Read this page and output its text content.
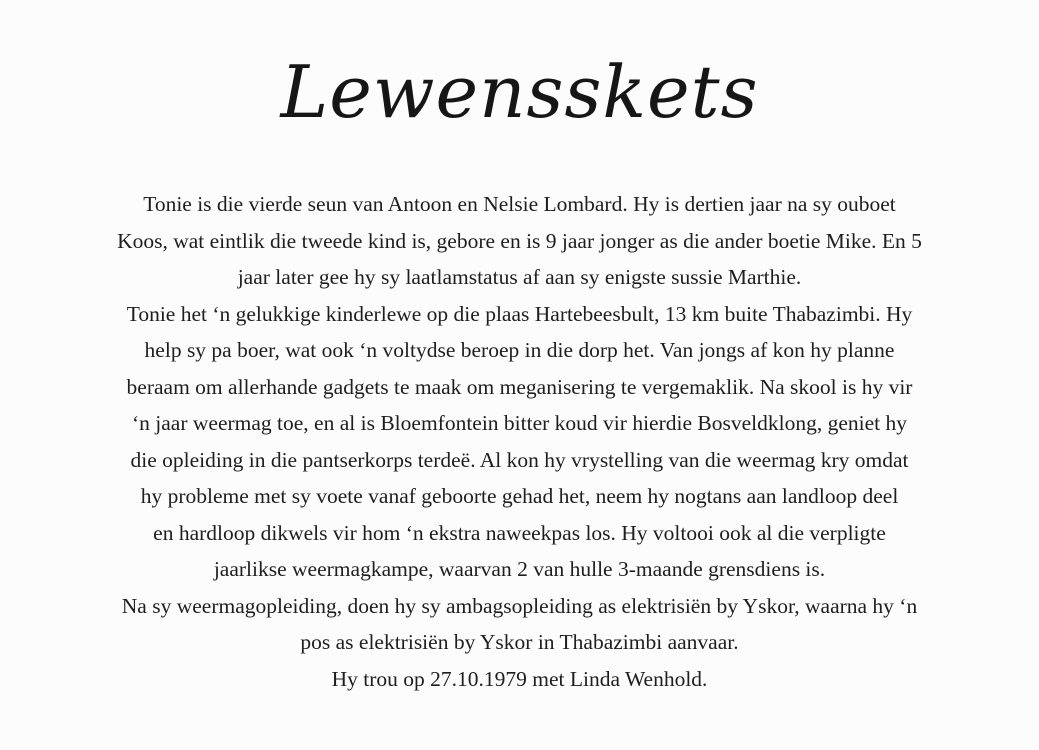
Lewensskets
Tonie is die vierde seun van Antoon en Nelsie Lombard. Hy is dertien jaar na sy ouboet
Koos, wat eintlik die tweede kind is, gebore en is 9 jaar jonger as die ander boetie Mike. En 5
jaar later gee hy sy laatlamstatus af aan sy enigste sussie Marthie.
Tonie het ‘n gelukkige kinderlewe op die plaas Hartebeesbult, 13 km buite Thabazimbi. Hy
help sy pa boer, wat ook ‘n voltydse beroep in die dorp het. Van jongs af kon hy planne
beraam om allerhande gadgets te maak om meganisering te vergemaklik. Na skool is hy vir
‘n jaar weermag toe, en al is Bloemfontein bitter koud vir hierdie Bosveldklong, geniet hy
die opleiding in die pantserkorps terdeë. Al kon hy vrystelling van die weermag kry omdat
hy probleme met sy voete vanaf geboorte gehad het, neem hy nogtans aan landloop deel
en hardloop dikwels vir hom ‘n ekstra naweekpas los. Hy voltooi ook al die verpligte
jaarlikse weermagkampe, waarvan 2 van hulle 3-maande grensdiens is.
Na sy weermagopleiding, doen hy sy ambagsopleiding as elektrisiën by Yskor, waarna hy ‘n
pos as elektrisiën by Yskor in Thabazimbi aanvaar.
Hy trou op 27.10.1979 met Linda Wenhold.
